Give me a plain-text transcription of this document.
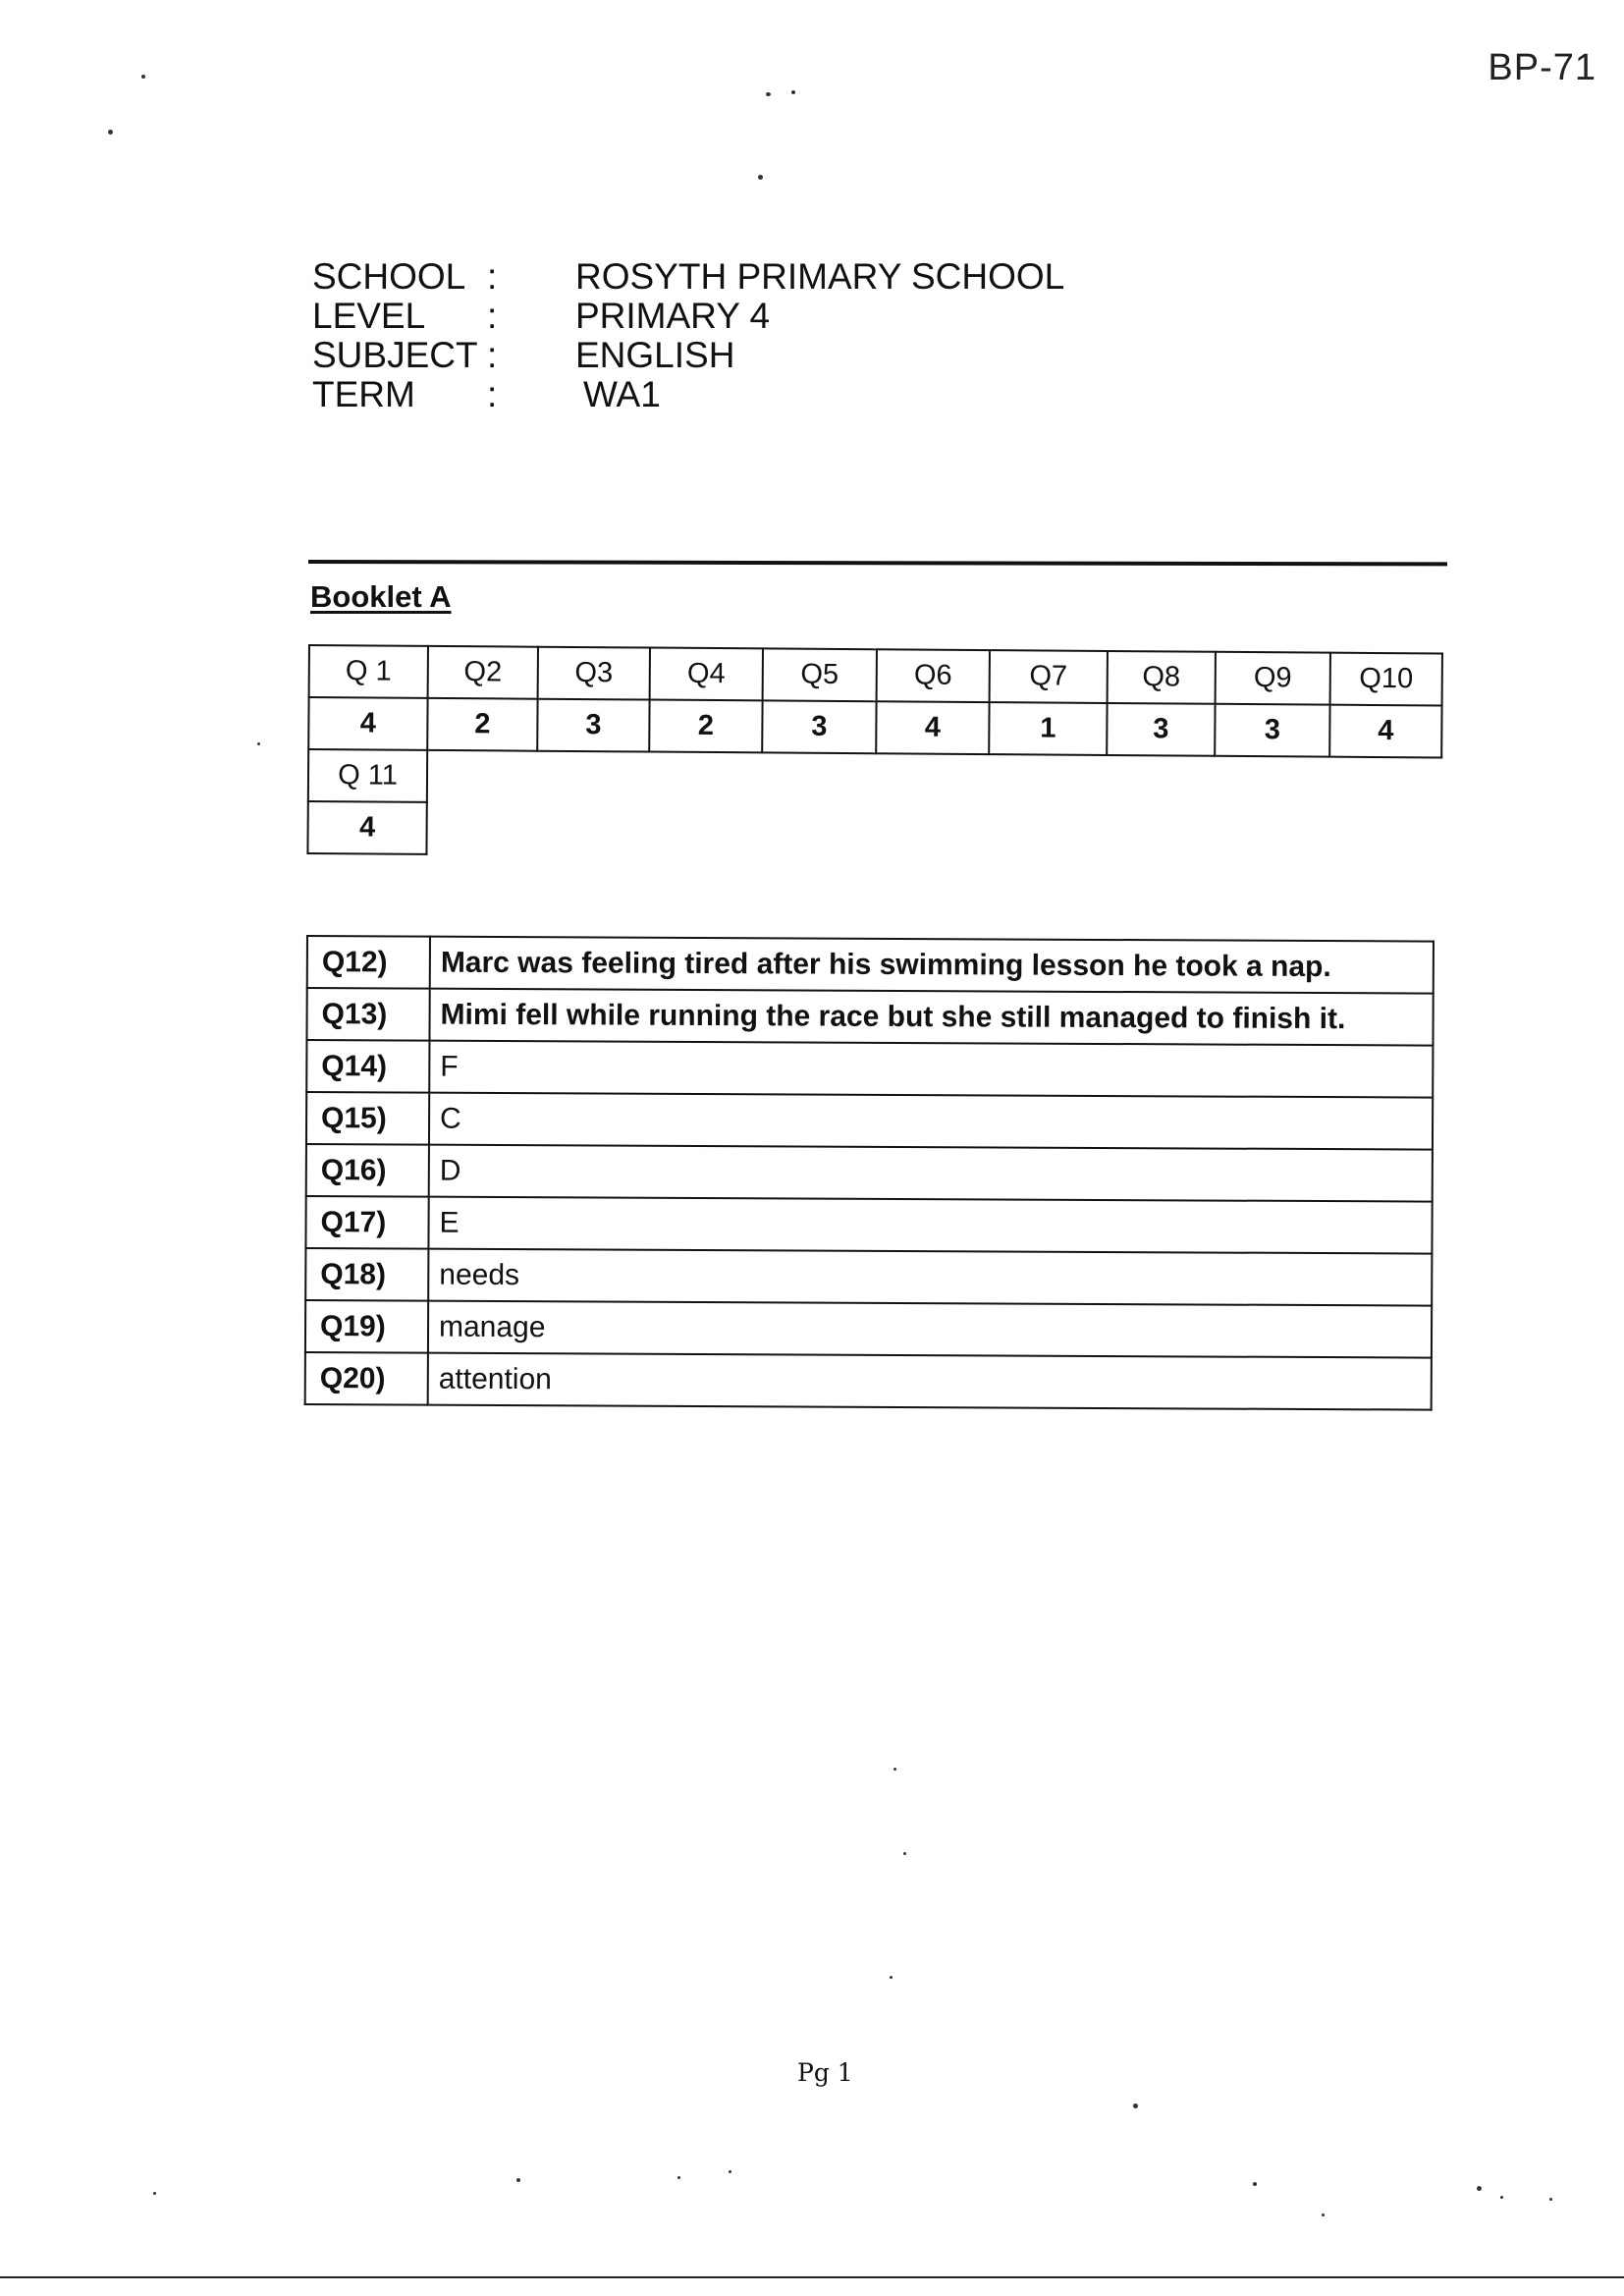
BP-71
SCHOOL :	ROSYTH PRIMARY SCHOOL
LEVEL	:	PRIMARY 4
SUBJECT :	ENGLISH
TERM	:	WA1
Booklet A
Q 1	Q2	Q3	Q4	Q5	Q6	Q7	Q8	Q9	Q10
4	2	3	2	3	4	1	3	3	4
Q 11									
4									
Q12)	Marc was feeling tired after his swimming lesson he took a nap.
Q13)	Mimi fell while running the race but she still managed to finish it.
Q14)	F
Q15)	C
Q16)	D
Q17)	E
Q18)	needs
Q19)	manage
Q20)	attention
Pg 1
